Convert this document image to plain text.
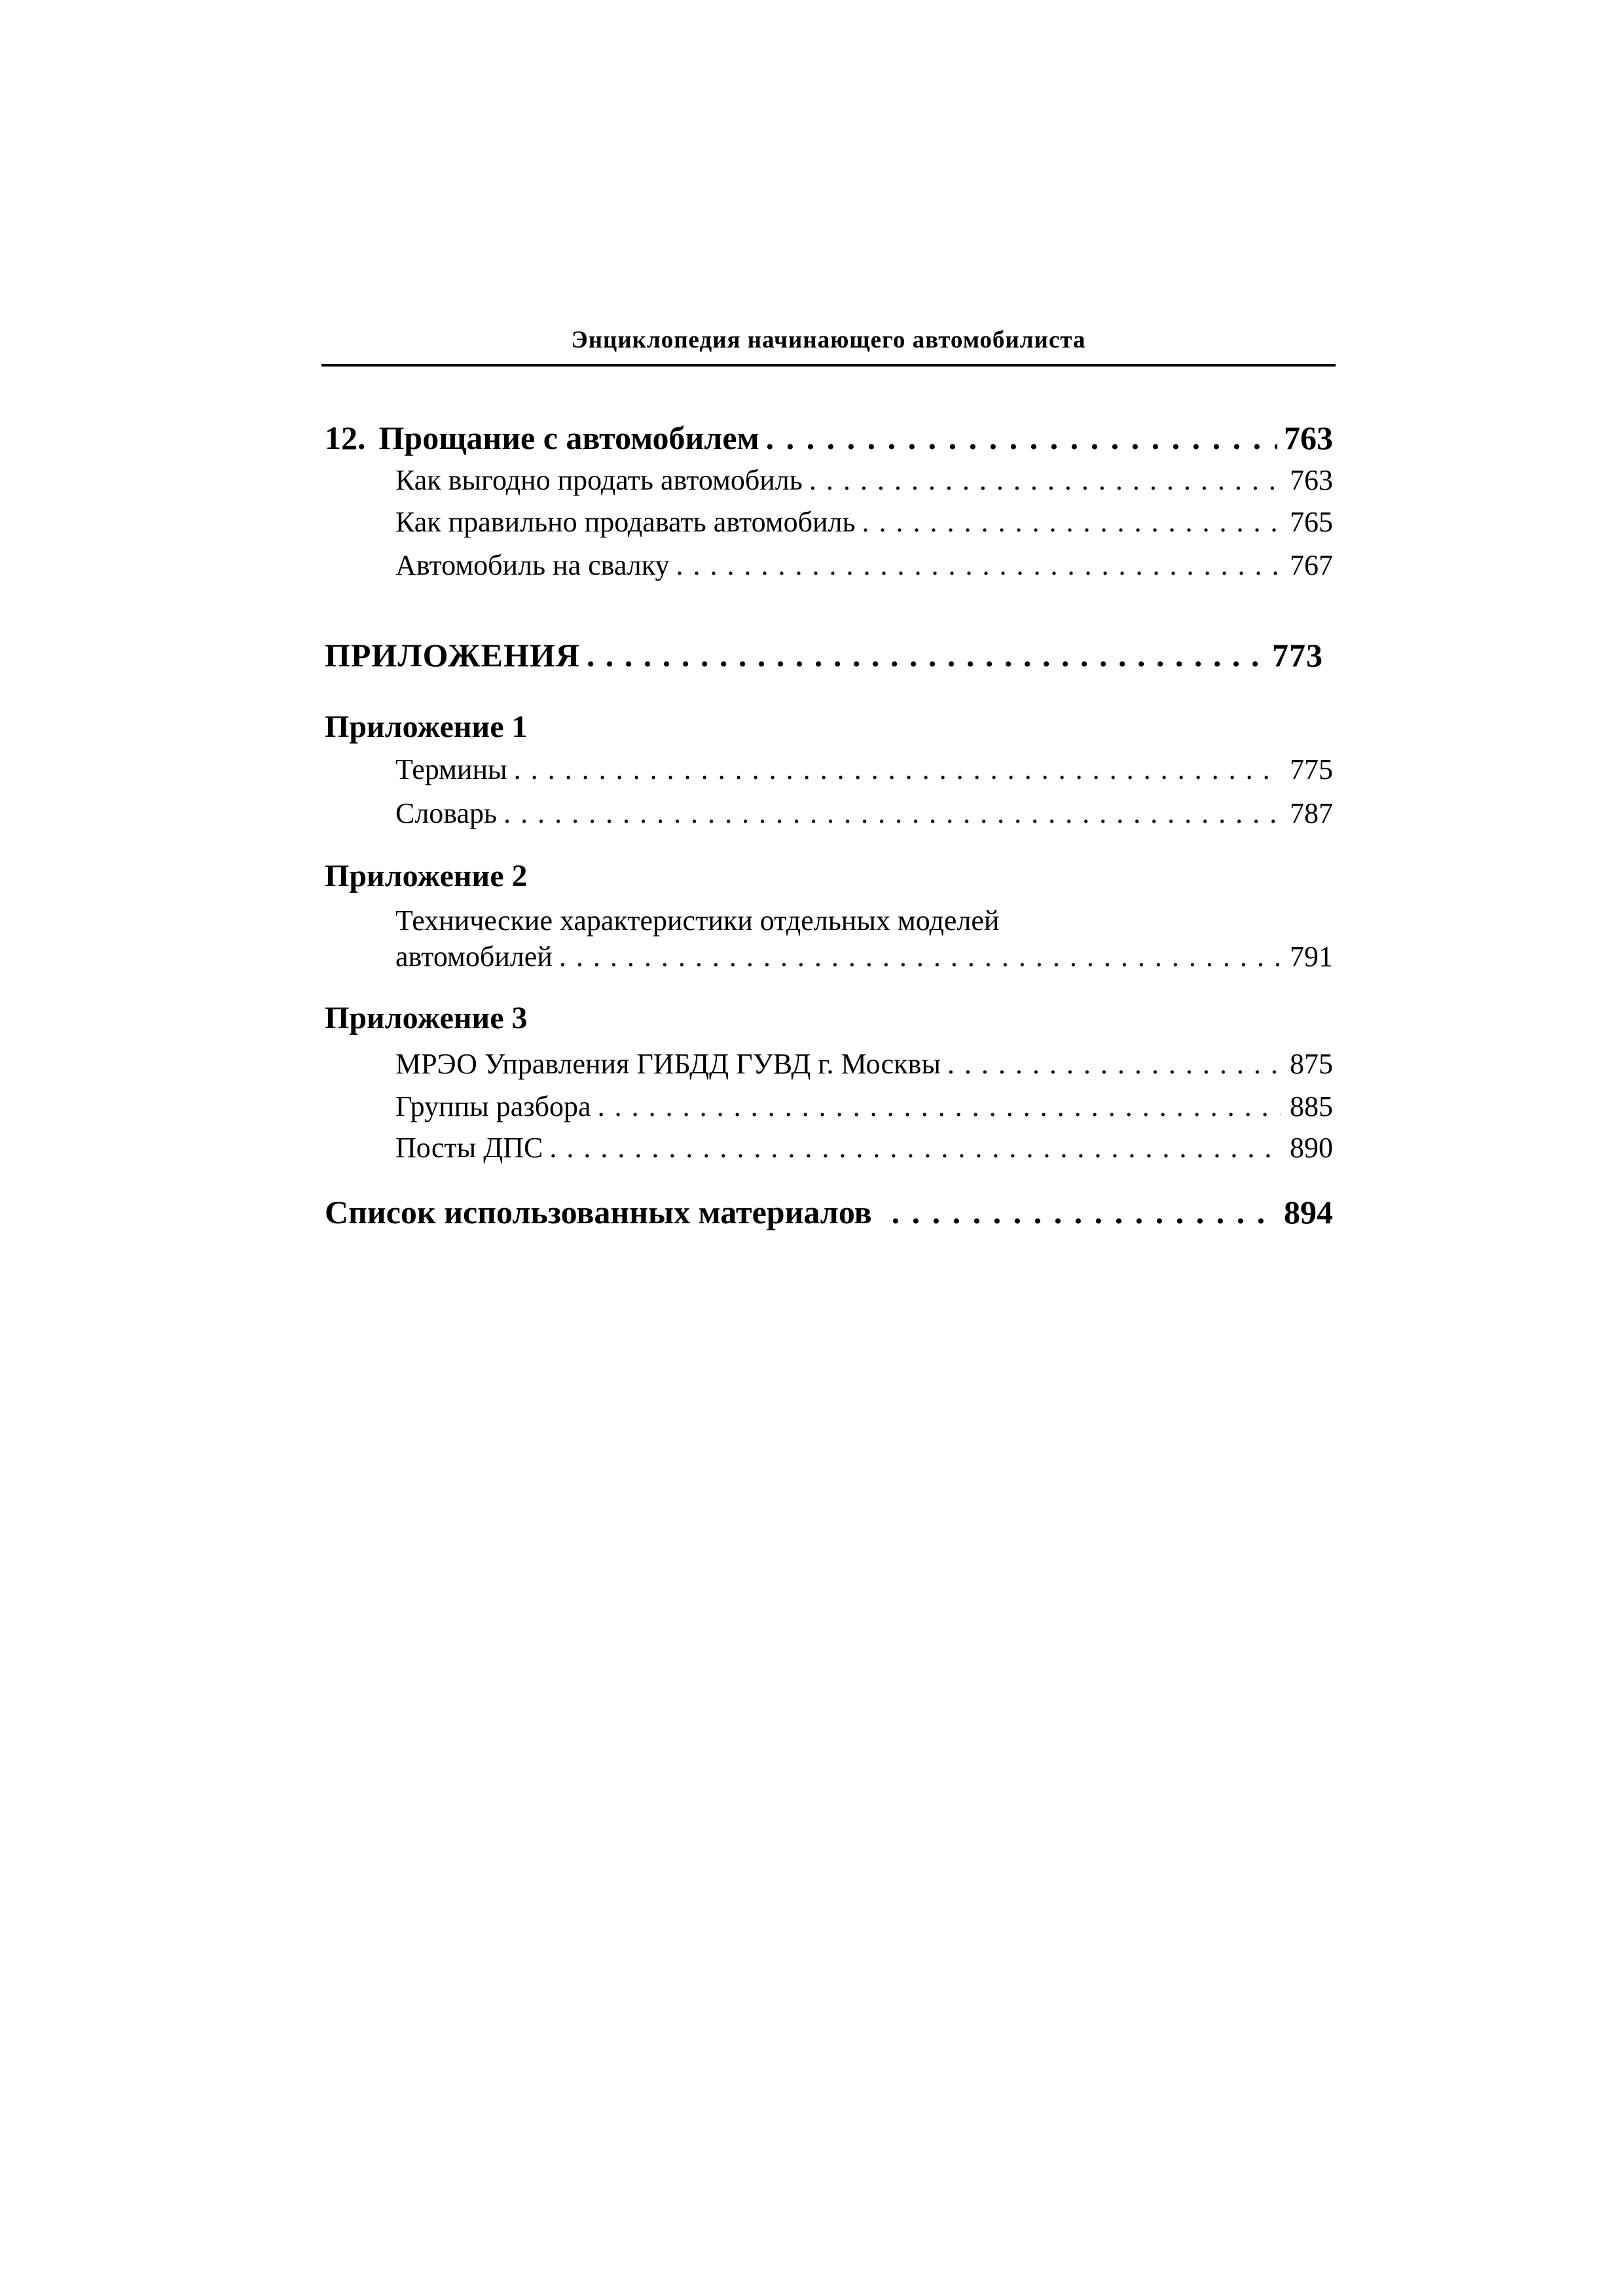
Энциклопедия начинающего автомобилиста
12. Прощание с автомобилем . . .	763
Как выгодно продать автомобиль . . .	763
Как правильно продавать автомобиль . . .	765
Автомобиль на свалку . . .	767
ПРИЛОЖЕНИЯ . . .	773
Приложение 1
Термины . . .	775
Словарь . . .	787
Приложение 2
Технические характеристики отдельных моделей
автомобилей . . .	791
Приложение 3
МРЭО Управления ГИБДД ГУВД г. Москвы . . .	875
Группы разбора . . .	885
Посты ДПС . . .	890
Список использованных материалов . . .	894
